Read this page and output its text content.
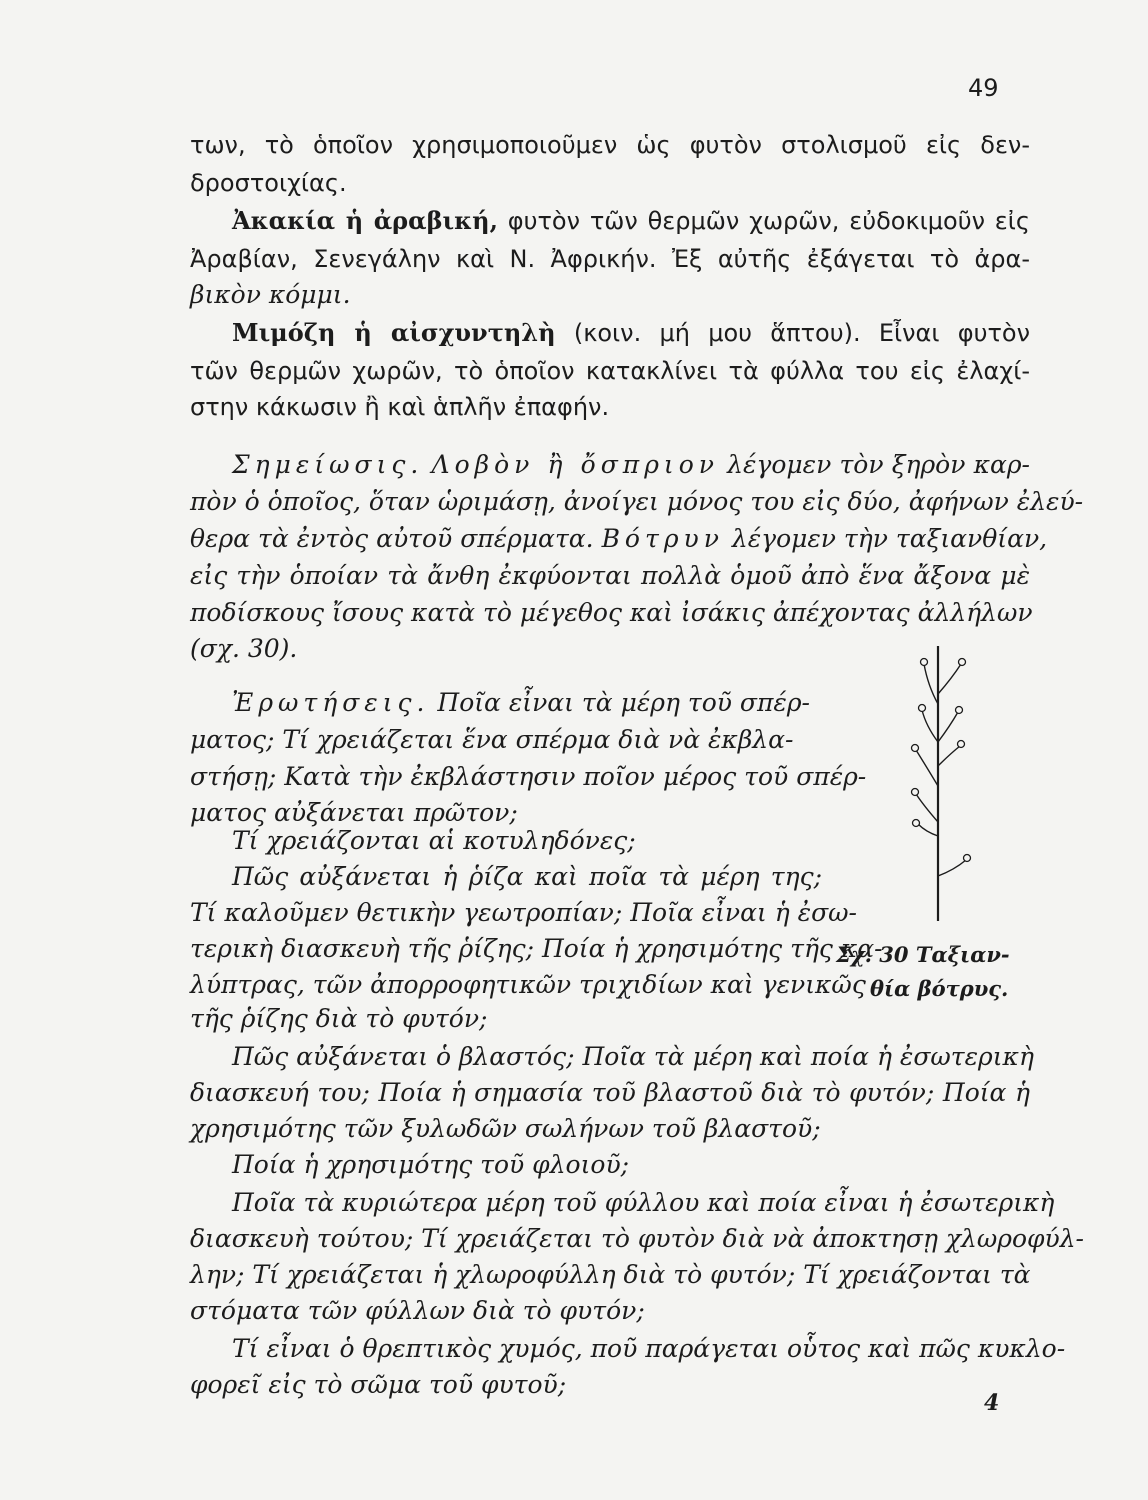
49
των, τὸ ὁποῖον χρησιμοποιοῦμεν ὡς φυτὸν στολισμοῦ εἰς δεν-
δροστοιχίας.
Ἀκακία ἡ ἀραβική, φυτὸν τῶν θερμῶν χωρῶν, εὐδοκιμοῦν εἰς
Ἀραβίαν, Σενεγάλην καὶ Ν. Ἀφρικήν. Ἐξ αὐτῆς ἐξάγεται τὸ ἀρα-
βικὸν κόμμι.
Μιμόζη ἡ αἰσχυντηλὴ (κοιν. μή μου ἅπτου). Εἶναι φυτὸν
τῶν θερμῶν χωρῶν, τὸ ὁποῖον κατακλίνει τὰ φύλλα του εἰς ἐλαχί-
στην κάκωσιν ἢ καὶ ἁπλῆν ἐπαφήν.
Σημείωσις. Λοβὸν ἢ ὄσπριον λέγομεν τὸν ξηρὸν καρ-
πὸν ὁ ὁποῖος, ὅταν ὡριμάσῃ, ἀνοίγει μόνος του εἰς δύο, ἀφήνων ἐλεύ-
θερα τὰ ἐντὸς αὐτοῦ σπέρματα. Βότρυν λέγομεν τὴν ταξιανθίαν,
εἰς τὴν ὁποίαν τὰ ἄνθη ἐκφύονται πολλὰ ὁμοῦ ἀπὸ ἕνα ἄξονα μὲ
ποδίσκους ἴσους κατὰ τὸ μέγεθος καὶ ἰσάκις ἀπέχοντας ἀλλήλων
(σχ. 30).
Ἐρωτήσεις. Ποῖα εἶναι τὰ μέρη τοῦ σπέρ-
ματος; Τί χρειάζεται ἕνα σπέρμα διὰ νὰ ἐκβλα-
στήσῃ; Κατὰ τὴν ἐκβλάστησιν ποῖον μέρος τοῦ σπέρ-
ματος αὐξάνεται πρῶτον;
Τί χρειάζονται αἱ κοτυληδόνες;
Πῶς αὐξάνεται ἡ ῥίζα καὶ ποῖα τὰ μέρη της;
Τί καλοῦμεν θετικὴν γεωτροπίαν; Ποῖα εἶναι ἡ ἐσω-
τερικὴ διασκευὴ τῆς ῥίζης; Ποία ἡ χρησιμότης τῆς κα-
λύπτρας, τῶν ἀπορροφητικῶν τριχιδίων καὶ γενικῶς
τῆς ῥίζης διὰ τὸ φυτόν;
Πῶς αὐξάνεται ὁ βλαστός; Ποῖα τὰ μέρη καὶ ποία ἡ ἐσωτερικὴ
διασκευή του; Ποία ἡ σημασία τοῦ βλαστοῦ διὰ τὸ φυτόν; Ποία ἡ
χρησιμότης τῶν ξυλωδῶν σωλήνων τοῦ βλαστοῦ;
Ποία ἡ χρησιμότης τοῦ φλοιοῦ;
Ποῖα τὰ κυριώτερα μέρη τοῦ φύλλου καὶ ποία εἶναι ἡ ἐσωτερικὴ
διασκευὴ τούτου; Τί χρειάζεται τὸ φυτὸν διὰ νὰ ἀποκτησῃ χλωροφύλ-
λην; Τί χρειάζεται ἡ χλωροφύλλη διὰ τὸ φυτόν; Τί χρειάζονται τὰ
στόματα τῶν φύλλων διὰ τὸ φυτόν;
Τί εἶναι ὁ θρεπτικὸς χυμός, ποῦ παράγεται οὗτος καὶ πῶς κυκλο-
φορεῖ εἰς τὸ σῶμα τοῦ φυτοῦ;
Σχ. 30 Ταξιαν-
θία βότρυς.
4
